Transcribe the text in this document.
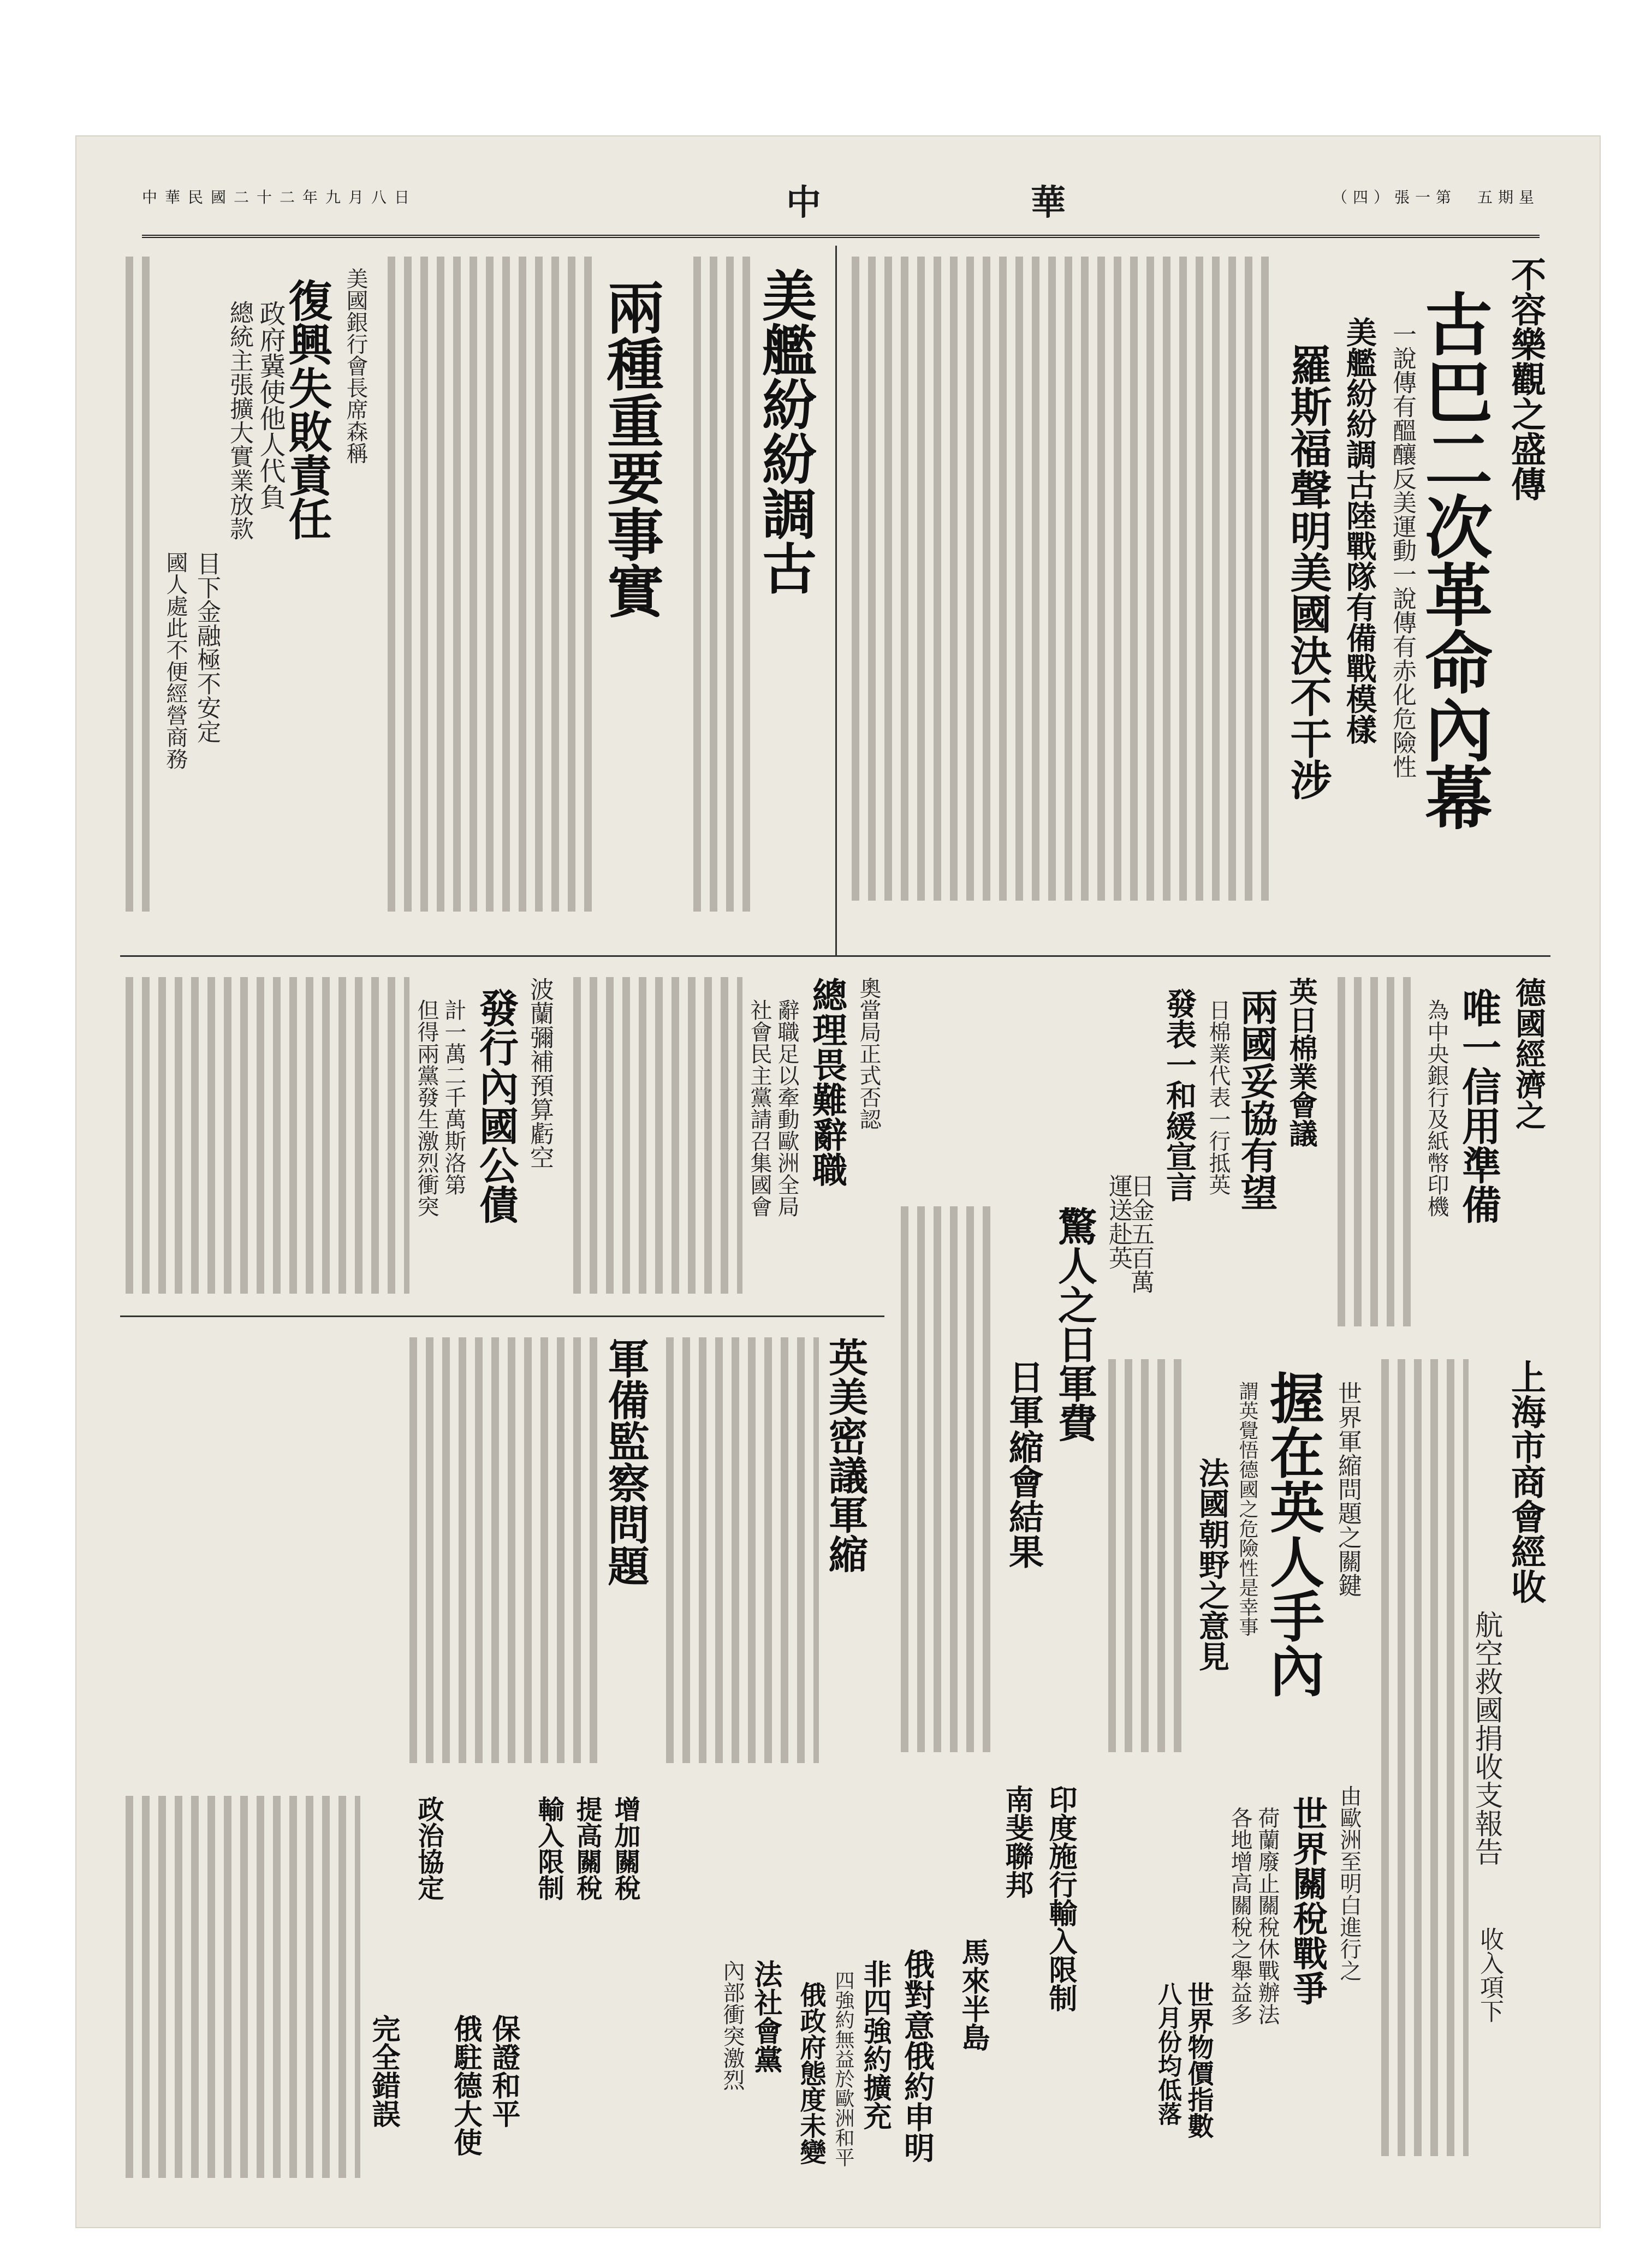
中華民國二十二年九月八日	中　華	（四）張一第　五期星
不容樂觀之盛傳
古巴二次革命內幕
一說傳有醞釀反美運動一說傳有赤化危險性
美艦紛紛調古陸戰隊有備戰模樣
羅斯福聲明美國決不干涉
美艦紛紛調古
兩種重要事實
美國銀行會長席森稱
復興失敗責任
政府冀使他人代負
總統主張擴大實業放款
目下金融極不安定
國人處此不便經營商務
德國經濟之
唯一信用準備
為中央銀行及紙幣印機
英日棉業會議
兩國妥協有望
日棉業代表一行抵英
發表一和緩宣言
日金五百萬
運送赴英
上海市商會經收
航空救國捐收支報告
收入項下
世界軍縮問題之關鍵
握在英人手內
謂英覺悟德國之危險性是幸事
法國朝野之意見
驚人之日軍費
日軍縮會結果
奧當局正式否認
總理畏難辭職
辭職足以牽動歐洲全局
社會民主黨請召集國會
波蘭彌補預算虧空
發行內國公債
計一萬二千萬斯洛第
但得兩黨發生激烈衝突
英美密議軍縮
軍備監察問題
由歐洲至明白進行之
世界關稅戰爭
荷蘭廢止關稅休戰辦法
各地增高關稅之舉益多
世界物價指數
八月份均低落
印度施行輸入限制
南斐聯邦
馬來半島
俄對意俄約申明
非四強約擴充
四強約無益於歐洲和平
俄政府態度未變
法社會黨
內部衝突激烈
增加關稅
提高關稅
輸入限制
保證和平
俄駐德大使
政治協定
完全錯誤
